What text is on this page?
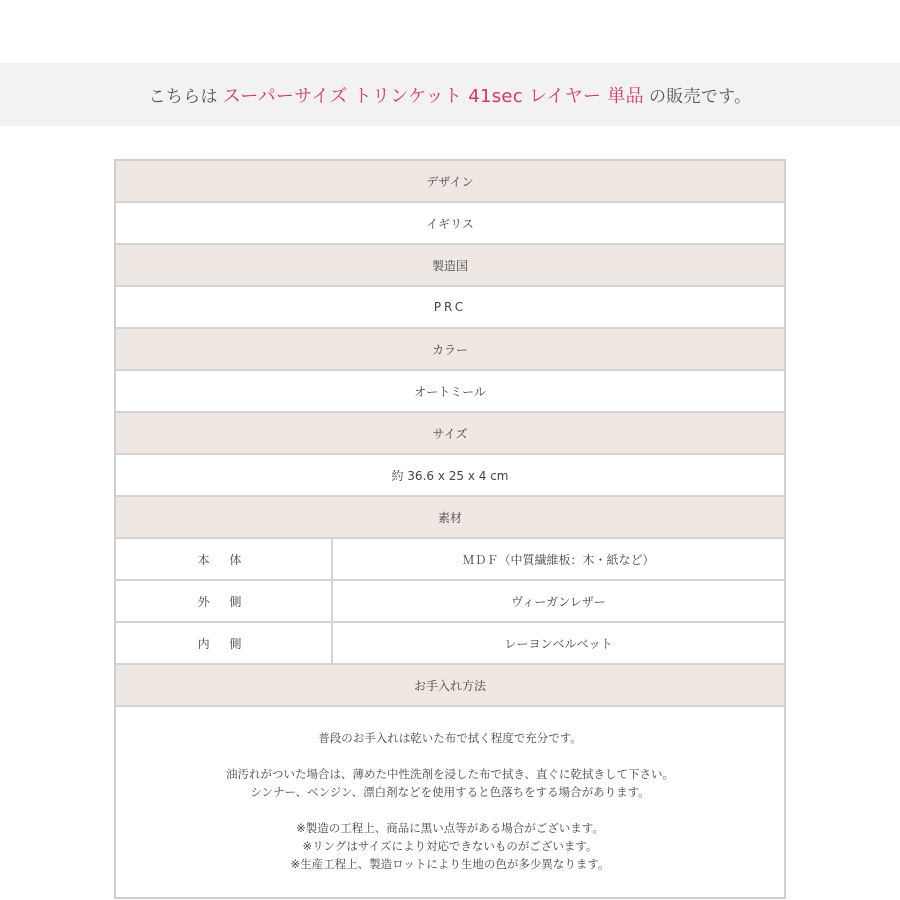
こちらは スーパーサイズ トリンケット 41sec レイヤー 単品 の販売です。
デザイン
イギリス
製造国
PRC
カラー
オートミール
サイズ
約 36.6 x 25 x 4 cm
素材
本 体	ＭＤＦ（中質繊維板：木・紙など）
外 側	ヴィーガンレザー
内 側	レーヨンベルベット
お手入れ方法

普段のお手入れは乾いた布で拭く程度で充分です。

油汚れがついた場合は、薄めた中性洗剤を浸した布で拭き、直ぐに乾拭きして下さい。
シンナー、ベンジン、漂白剤などを使用すると色落ちをする場合があります。

※製造の工程上、商品に黒い点等がある場合がございます。
※リングはサイズにより対応できないものがございます。
※生産工程上、製造ロットにより生地の色が多少異なります。
